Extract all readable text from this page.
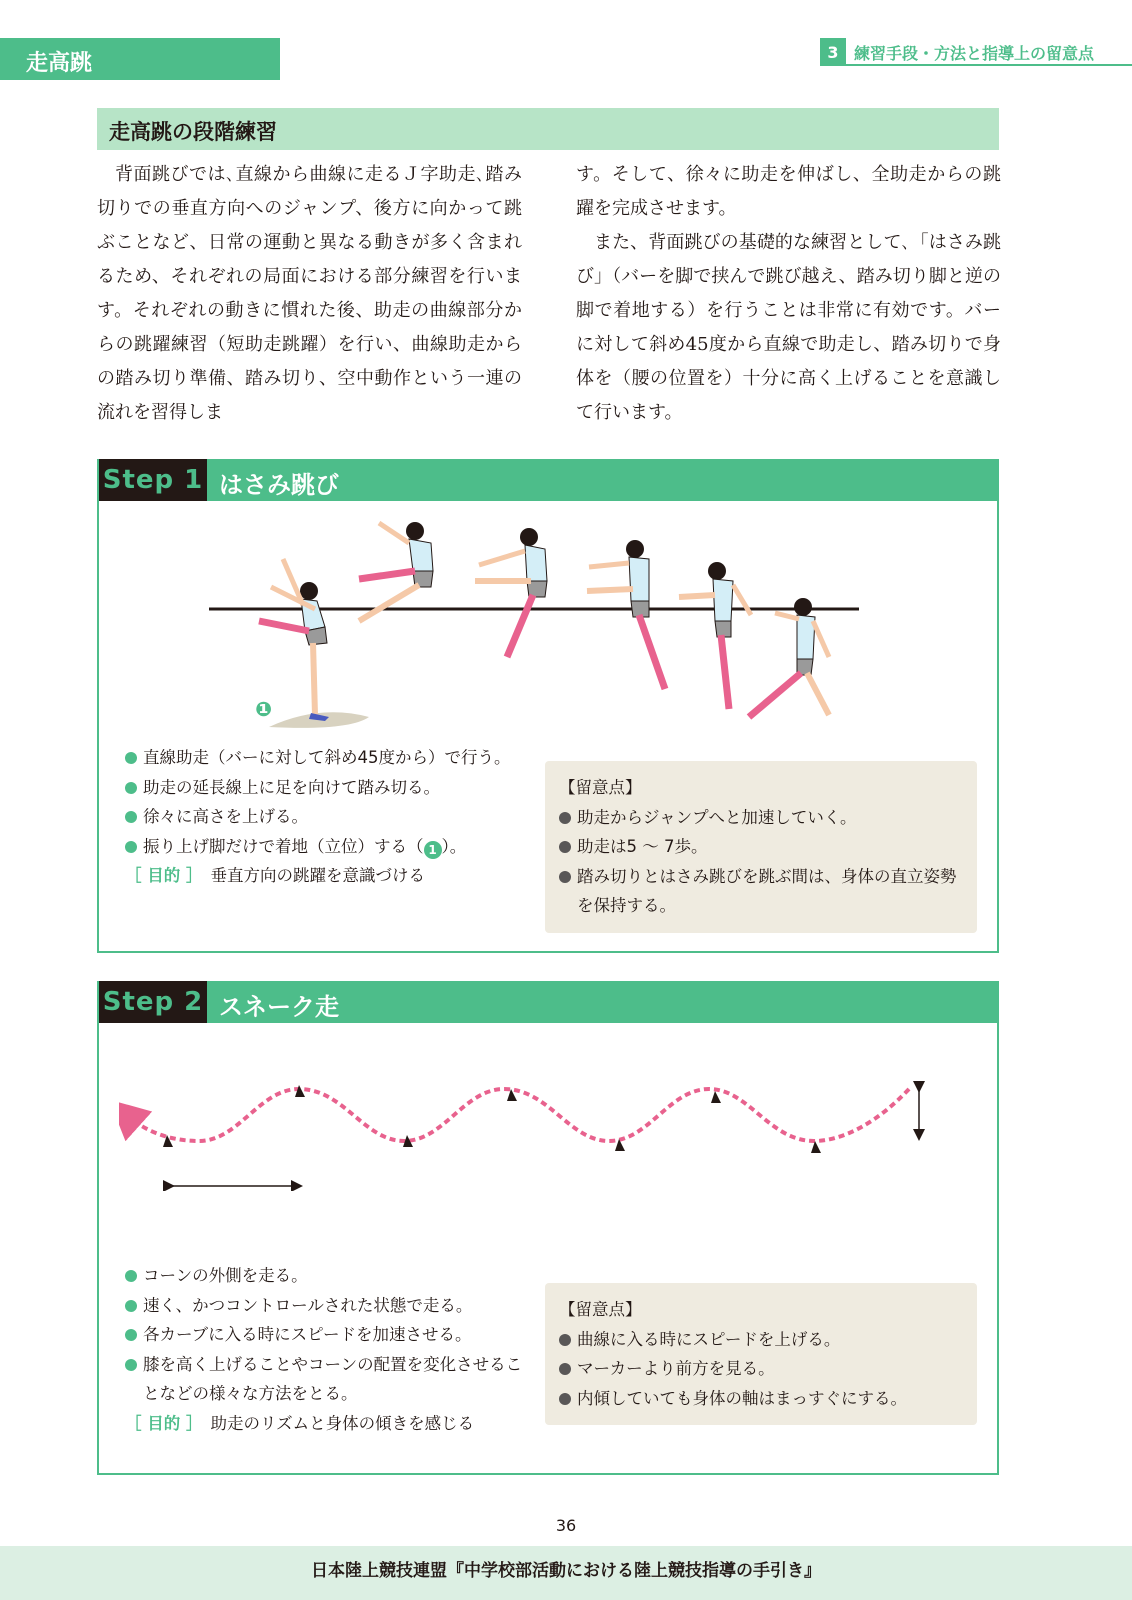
走高跳	3 練習手段・方法と指導上の留意点
走高跳の段階練習

背面跳びでは､直線から曲線に走るＪ字助走､踏み切りでの垂直方向へのジャンプ、後方に向かって跳ぶことなど、日常の運動と異なる動きが多く含まれるため、それぞれの局面における部分練習を行います。それぞれの動きに慣れた後、助走の曲線部分からの跳躍練習（短助走跳躍）を行い、曲線助走からの踏み切り準備、踏み切り、空中動作という一連の流れを習得しま

す。そして、徐々に助走を伸ばし、全助走からの跳躍を完成させます。

また、背面跳びの基礎的な練習として､「はさみ跳び」（バーを脚で挟んで跳び越え、踏み切り脚と逆の脚で着地する）を行うことは非常に有効です。バーに対して斜め45度から直線で助走し、踏み切りで身体を（腰の位置を）十分に高く上げることを意識して行います。

Step 1 はさみ跳び
❶
直線助走（バーに対して斜め45度から）で行う。
助走の延長線上に足を向けて踏み切る。
徐々に高さを上げる。
振り上げ脚だけで着地（立位）する（ 1 ）。
［ 目的 ］ 垂直方向の跳躍を意識づける
【留意点】
助走からジャンプへと加速していく。
助走は5 ～ 7歩。
踏み切りとはさみ跳びを跳ぶ間は、身体の直立姿勢を保持する。
Step 2 スネーク走
コーンの外側を走る。
速く、かつコントロールされた状態で走る。
各カーブに入る時にスピードを加速させる。
膝を高く上げることやコーンの配置を変化させることなどの様々な方法をとる。
［ 目的 ］ 助走のリズムと身体の傾きを感じる
【留意点】
曲線に入る時にスピードを上げる。
マーカーより前方を見る。
内傾していても身体の軸はまっすぐにする。
36
日本陸上競技連盟『中学校部活動における陸上競技指導の手引き』
